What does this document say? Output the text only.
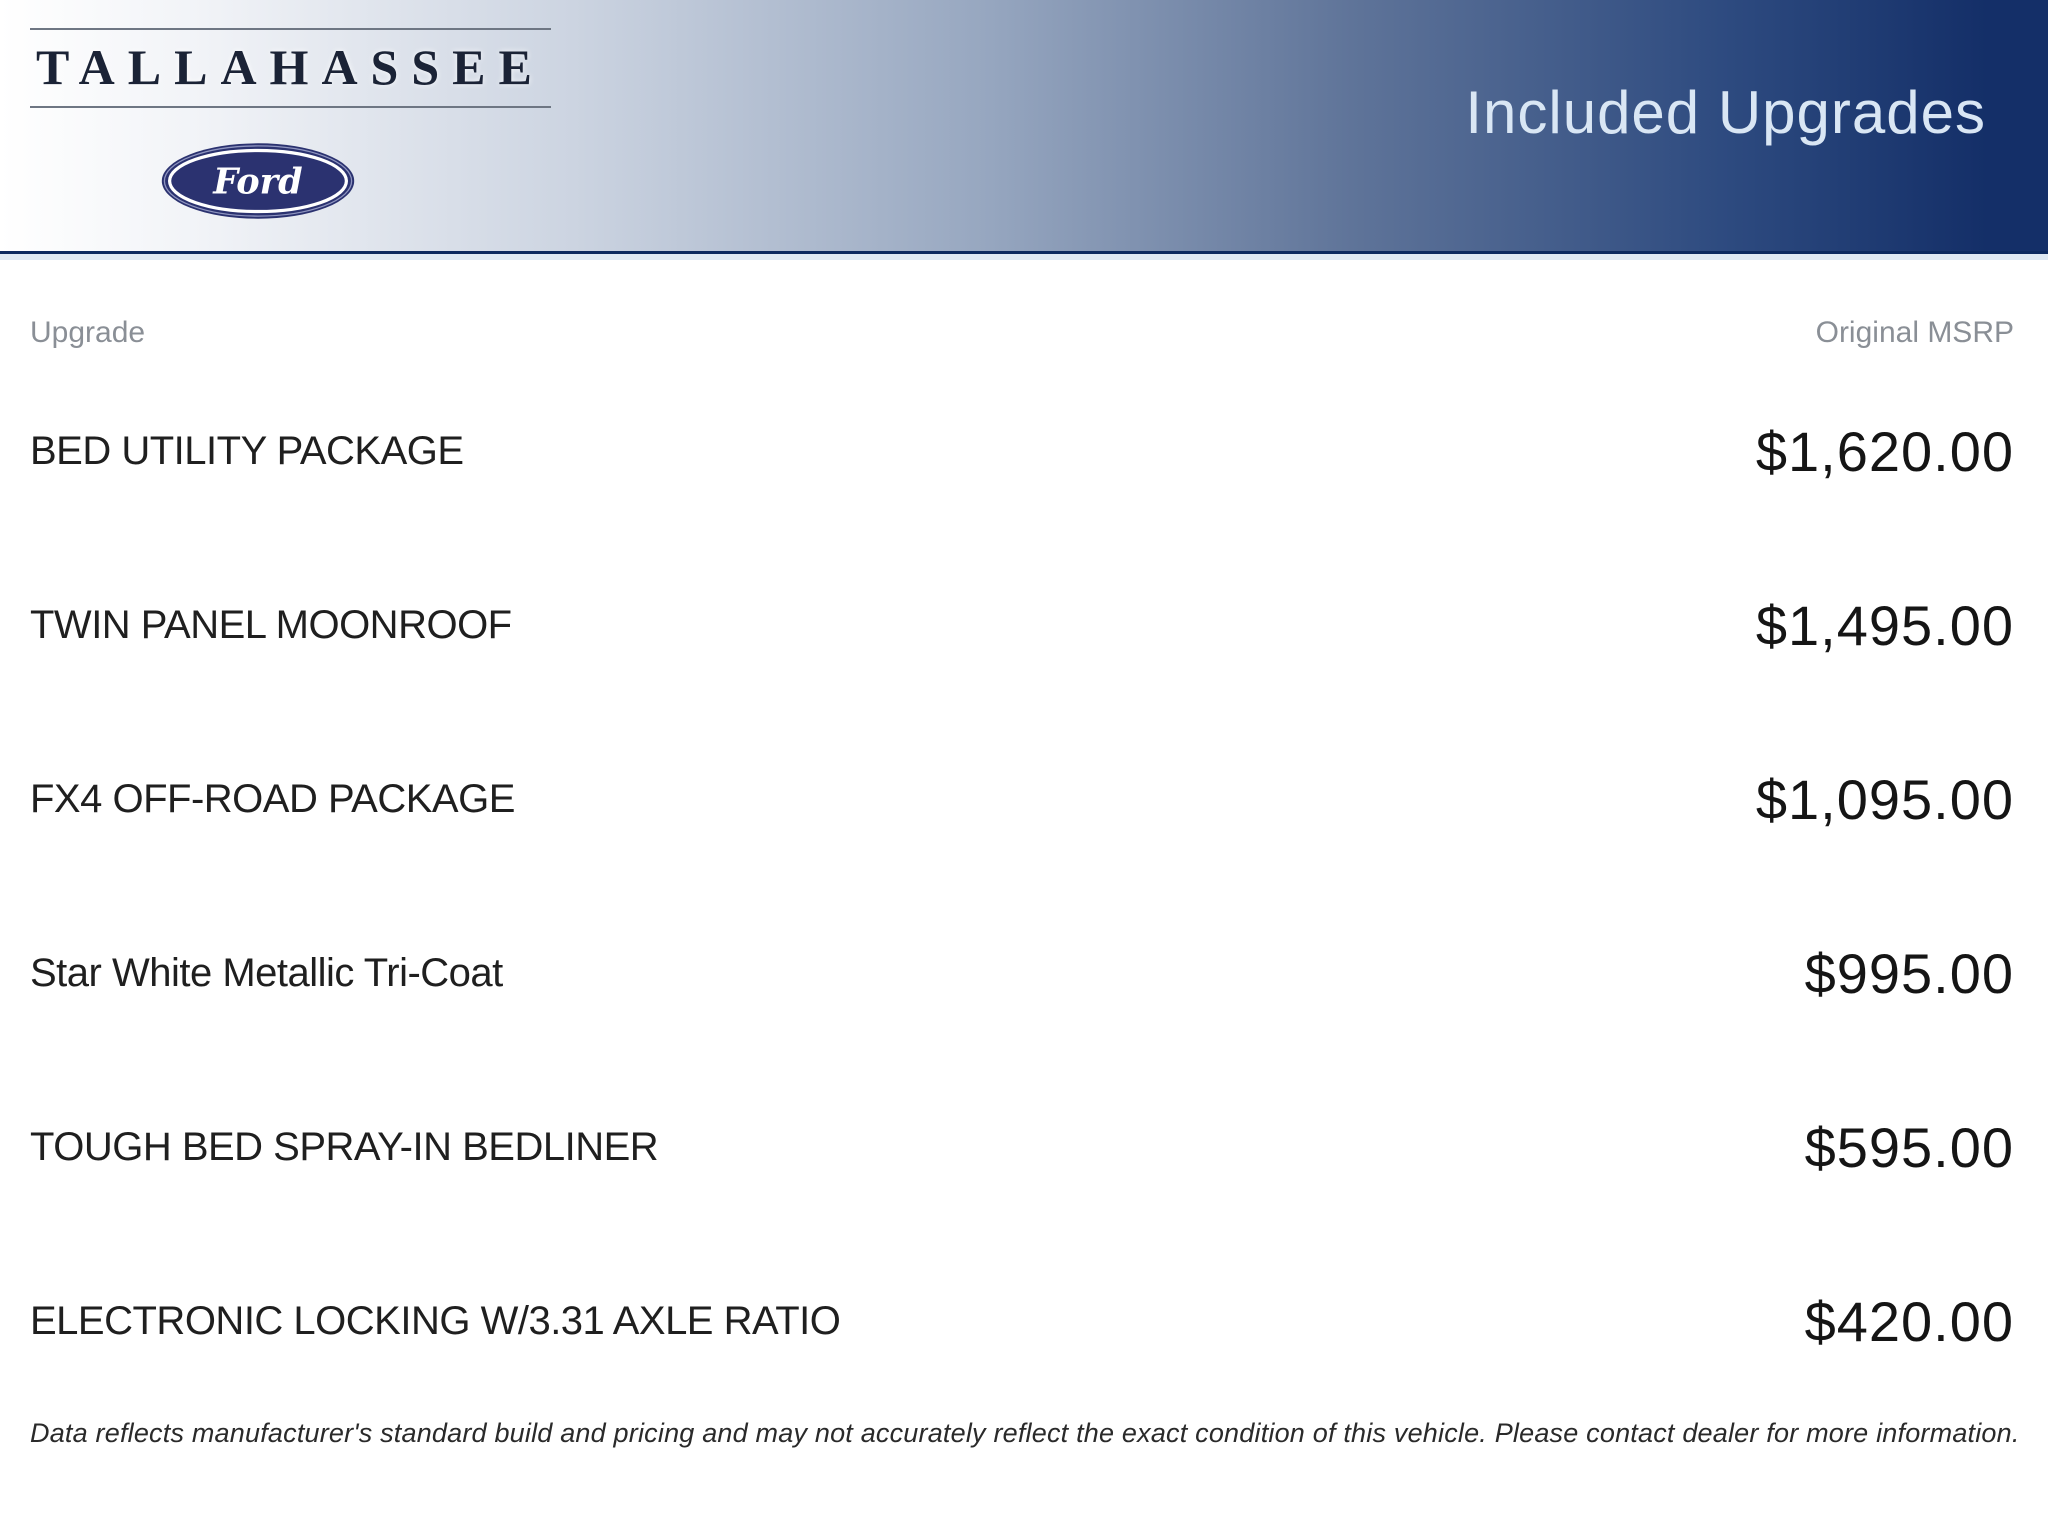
TALLAHASSEE
Ford
Included Upgrades
Upgrade	Original MSRP
BED UTILITY PACKAGE	$1,620.00
TWIN PANEL MOONROOF	$1,495.00
FX4 OFF-ROAD PACKAGE	$1,095.00
Star White Metallic Tri-Coat	$995.00
TOUGH BED SPRAY-IN BEDLINER	$595.00
ELECTRONIC LOCKING W/3.31 AXLE RATIO	$420.00
Data reflects manufacturer's standard build and pricing and may not accurately reflect the exact condition of this vehicle. Please contact dealer for more information.
